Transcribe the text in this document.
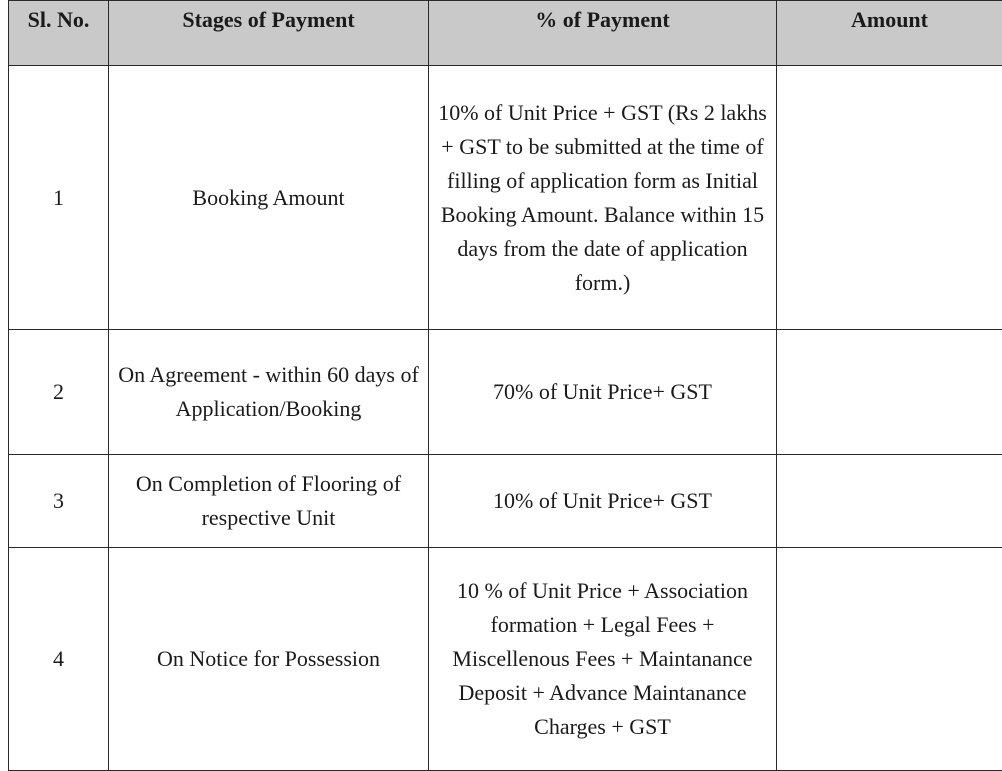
Sl. No.	Stages of Payment	% of Payment	Amount
1	Booking Amount	10% of Unit Price + GST (Rs 2 lakhs + GST to be submitted at the time of filling of application form as Initial Booking Amount. Balance within 15 days from the date of application form.)	
2	On Agreement - within 60 days of Application/Booking	70% of Unit Price+ GST	
3	On Completion of Flooring of respective Unit	10% of Unit Price+ GST	
4	On Notice for Possession	10 % of Unit Price + Association formation + Legal Fees + Miscellenous Fees + Maintanance Deposit + Advance Maintanance Charges + GST	
